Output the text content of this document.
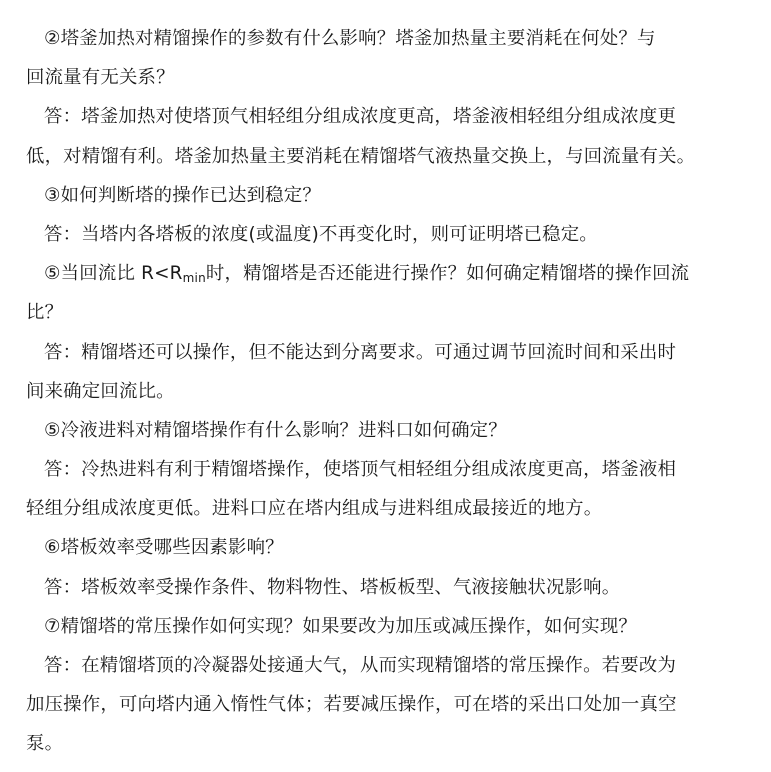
②塔釜加热对精馏操作的参数有什么影响？塔釜加热量主要消耗在何处？与
回流量有无关系？
答：塔釜加热对使塔顶气相轻组分组成浓度更高，塔釜液相轻组分组成浓度更
低，对精馏有利。塔釜加热量主要消耗在精馏塔气液热量交换上，与回流量有关。
③如何判断塔的操作已达到稳定？
答：当塔内各塔板的浓度(或温度)不再变化时，则可证明塔已稳定。
⑤当回流比 $R<R_{min}$时，精馏塔是否还能进行操作？如何确定精馏塔的操作回流
比？
答：精馏塔还可以操作，但不能达到分离要求。可通过调节回流时间和采出时
间来确定回流比。
⑤冷液进料对精馏塔操作有什么影响？进料口如何确定？
答：冷热进料有利于精馏塔操作，使塔顶气相轻组分组成浓度更高，塔釜液相
轻组分组成浓度更低。进料口应在塔内组成与进料组成最接近的地方。
⑥塔板效率受哪些因素影响？
答：塔板效率受操作条件、物料物性、塔板板型、气液接触状况影响。
⑦精馏塔的常压操作如何实现？如果要改为加压或减压操作，如何实现？
答：在精馏塔顶的冷凝器处接通大气，从而实现精馏塔的常压操作。若要改为
加压操作，可向塔内通入惰性气体；若要减压操作，可在塔的采出口处加一真空
泵。
